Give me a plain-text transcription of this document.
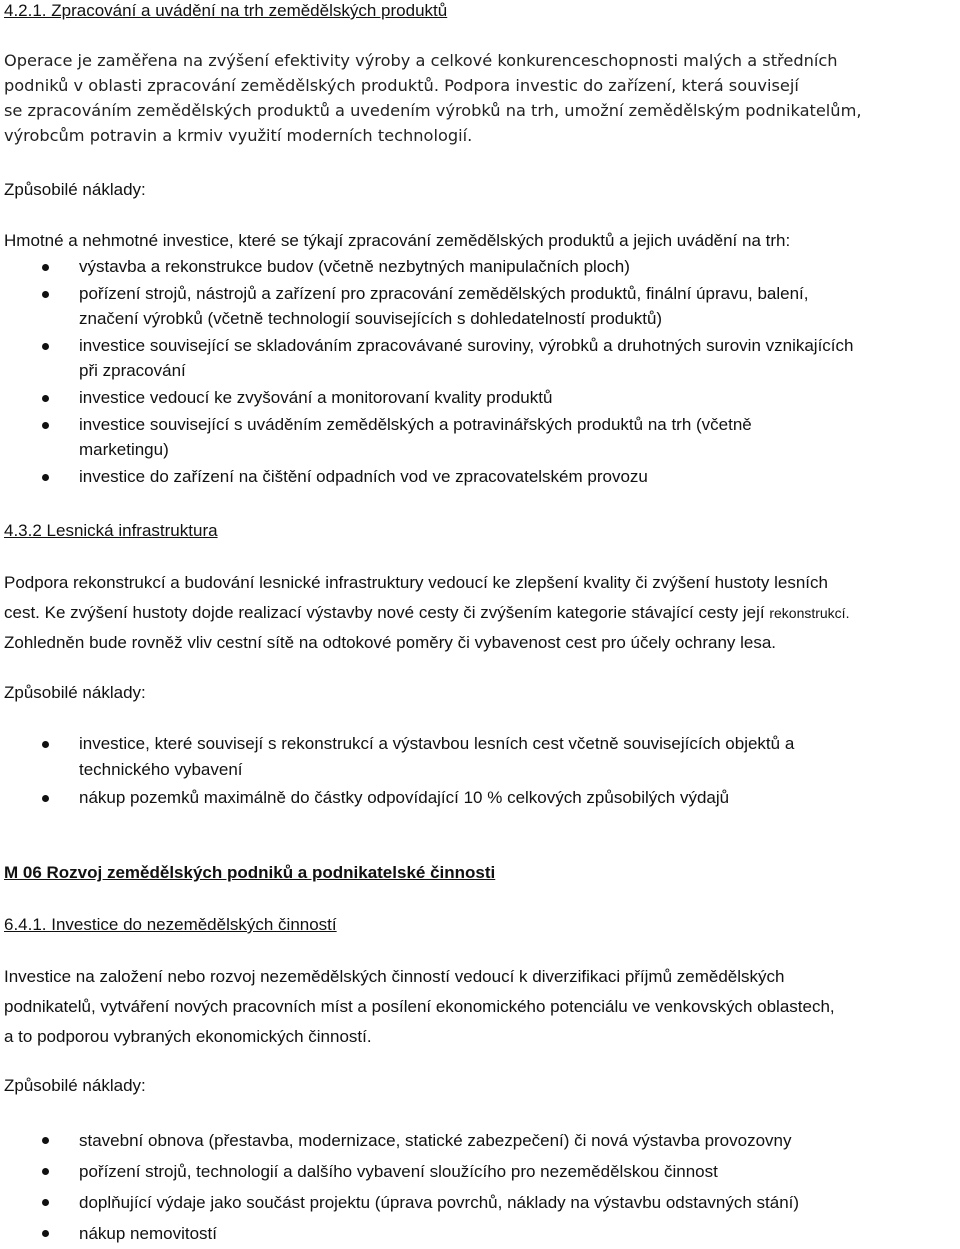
4.2.1. Zpracování a uvádění na trh zemědělských produktů
Operace je zaměřena na zvýšení efektivity výroby a celkové konkurenceschopnosti malých a středních
podniků v oblasti zpracování zemědělských produktů. Podpora investic do zařízení, která souvisejí
se zpracováním zemědělských produktů a uvedením výrobků na trh, umožní zemědělským podnikatelům,
výrobcům potravin a krmiv využití moderních technologií.
Způsobilé náklady:
Hmotné a nehmotné investice, které se týkají zpracování zemědělských produktů a jejich uvádění na trh:
výstavba a rekonstrukce budov (včetně nezbytných manipulačních ploch)
pořízení strojů, nástrojů a zařízení pro zpracování zemědělských produktů, finální úpravu, balení,
značení výrobků (včetně technologií souvisejících s dohledatelností produktů)
investice související se skladováním zpracovávané suroviny, výrobků a druhotných surovin vznikajících
při zpracování
investice vedoucí ke zvyšování a monitorovaní kvality produktů
investice související s uváděním zemědělských a potravinářských produktů na trh (včetně
marketingu)
investice do zařízení na čištění odpadních vod ve zpracovatelském provozu
4.3.2 Lesnická infrastruktura
Podpora rekonstrukcí a budování lesnické infrastruktury vedoucí ke zlepšení kvality či zvýšení hustoty lesních
cest. Ke zvýšení hustoty dojde realizací výstavby nové cesty či zvýšením kategorie stávající cesty její rekonstrukcí.
Zohledněn bude rovněž vliv cestní sítě na odtokové poměry či vybavenost cest pro účely ochrany lesa.
Způsobilé náklady:
investice, které souvisejí s rekonstrukcí a výstavbou lesních cest včetně souvisejících objektů a
technického vybavení
nákup pozemků maximálně do částky odpovídající 10 % celkových způsobilých výdajů
M 06 Rozvoj zemědělských podniků a podnikatelské činnosti
6.4.1. Investice do nezemědělských činností
Investice na založení nebo rozvoj nezemědělských činností vedoucí k diverzifikaci příjmů zemědělských
podnikatelů, vytváření nových pracovních míst a posílení ekonomického potenciálu ve venkovských oblastech,
a to podporou vybraných ekonomických činností.
Způsobilé náklady:
stavební obnova (přestavba, modernizace, statické zabezpečení) či nová výstavba provozovny
pořízení strojů, technologií a dalšího vybavení sloužícího pro nezemědělskou činnost
doplňující výdaje jako součást projektu (úprava povrchů, náklady na výstavbu odstavných stání)
nákup nemovitostí
